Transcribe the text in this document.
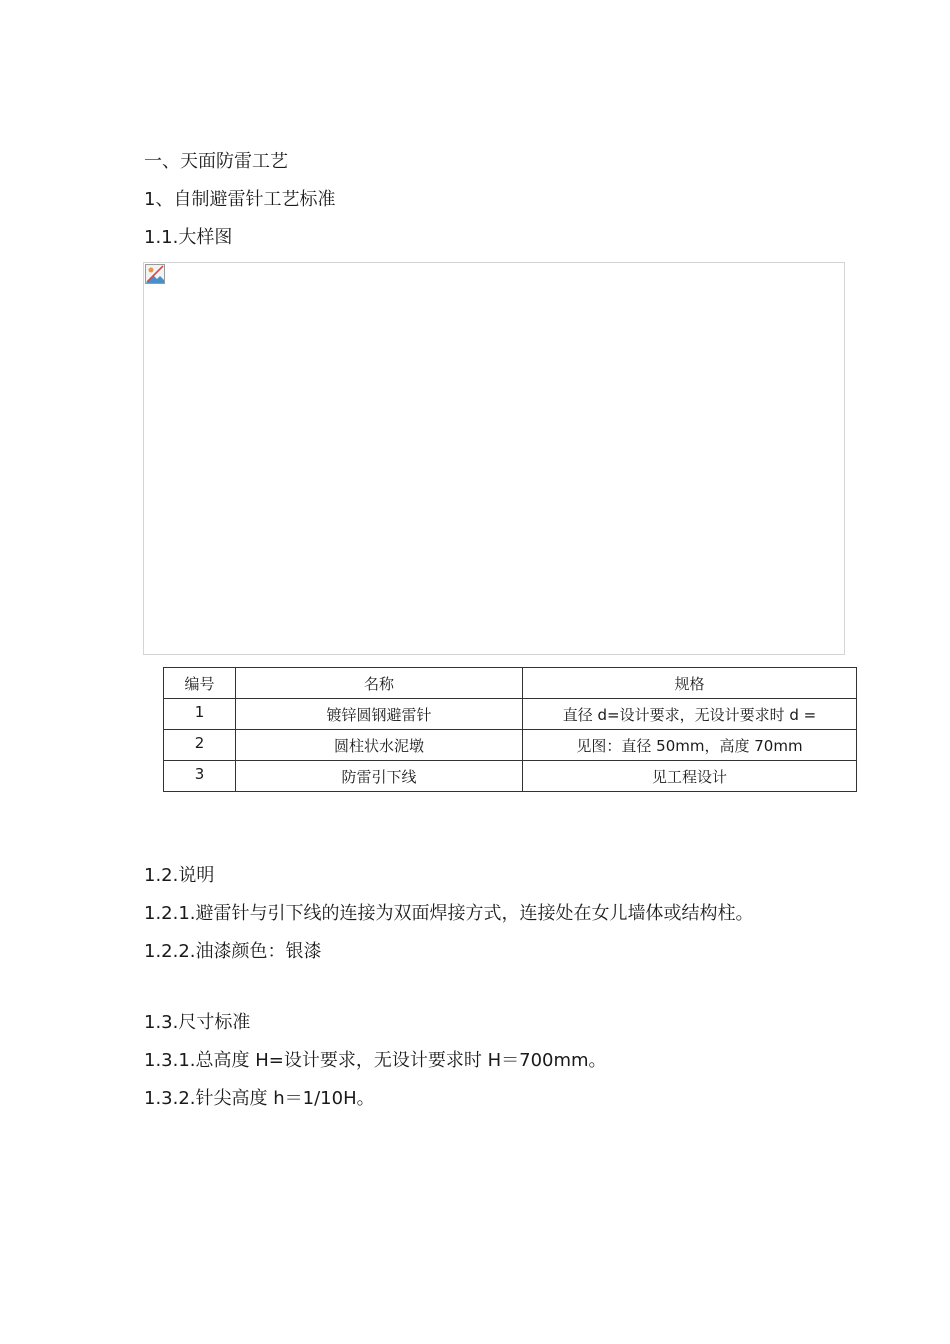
一、天面防雷工艺
1、自制避雷针工艺标准
1.1.大样图
编号	名称	规格
1	镀锌圆钢避雷针	直径 d=设计要求，无设计要求时 d =
2	圆柱状水泥墩	见图：直径 50mm，高度 70mm
3	防雷引下线	见工程设计
1.2.说明
1.2.1.避雷针与引下线的连接为双面焊接方式，连接处在女儿墙体或结构柱。
1.2.2.油漆颜色：银漆
1.3.尺寸标准
1.3.1.总高度 H=设计要求，无设计要求时 H＝700mm。
1.3.2.针尖高度 h＝1/10H。
